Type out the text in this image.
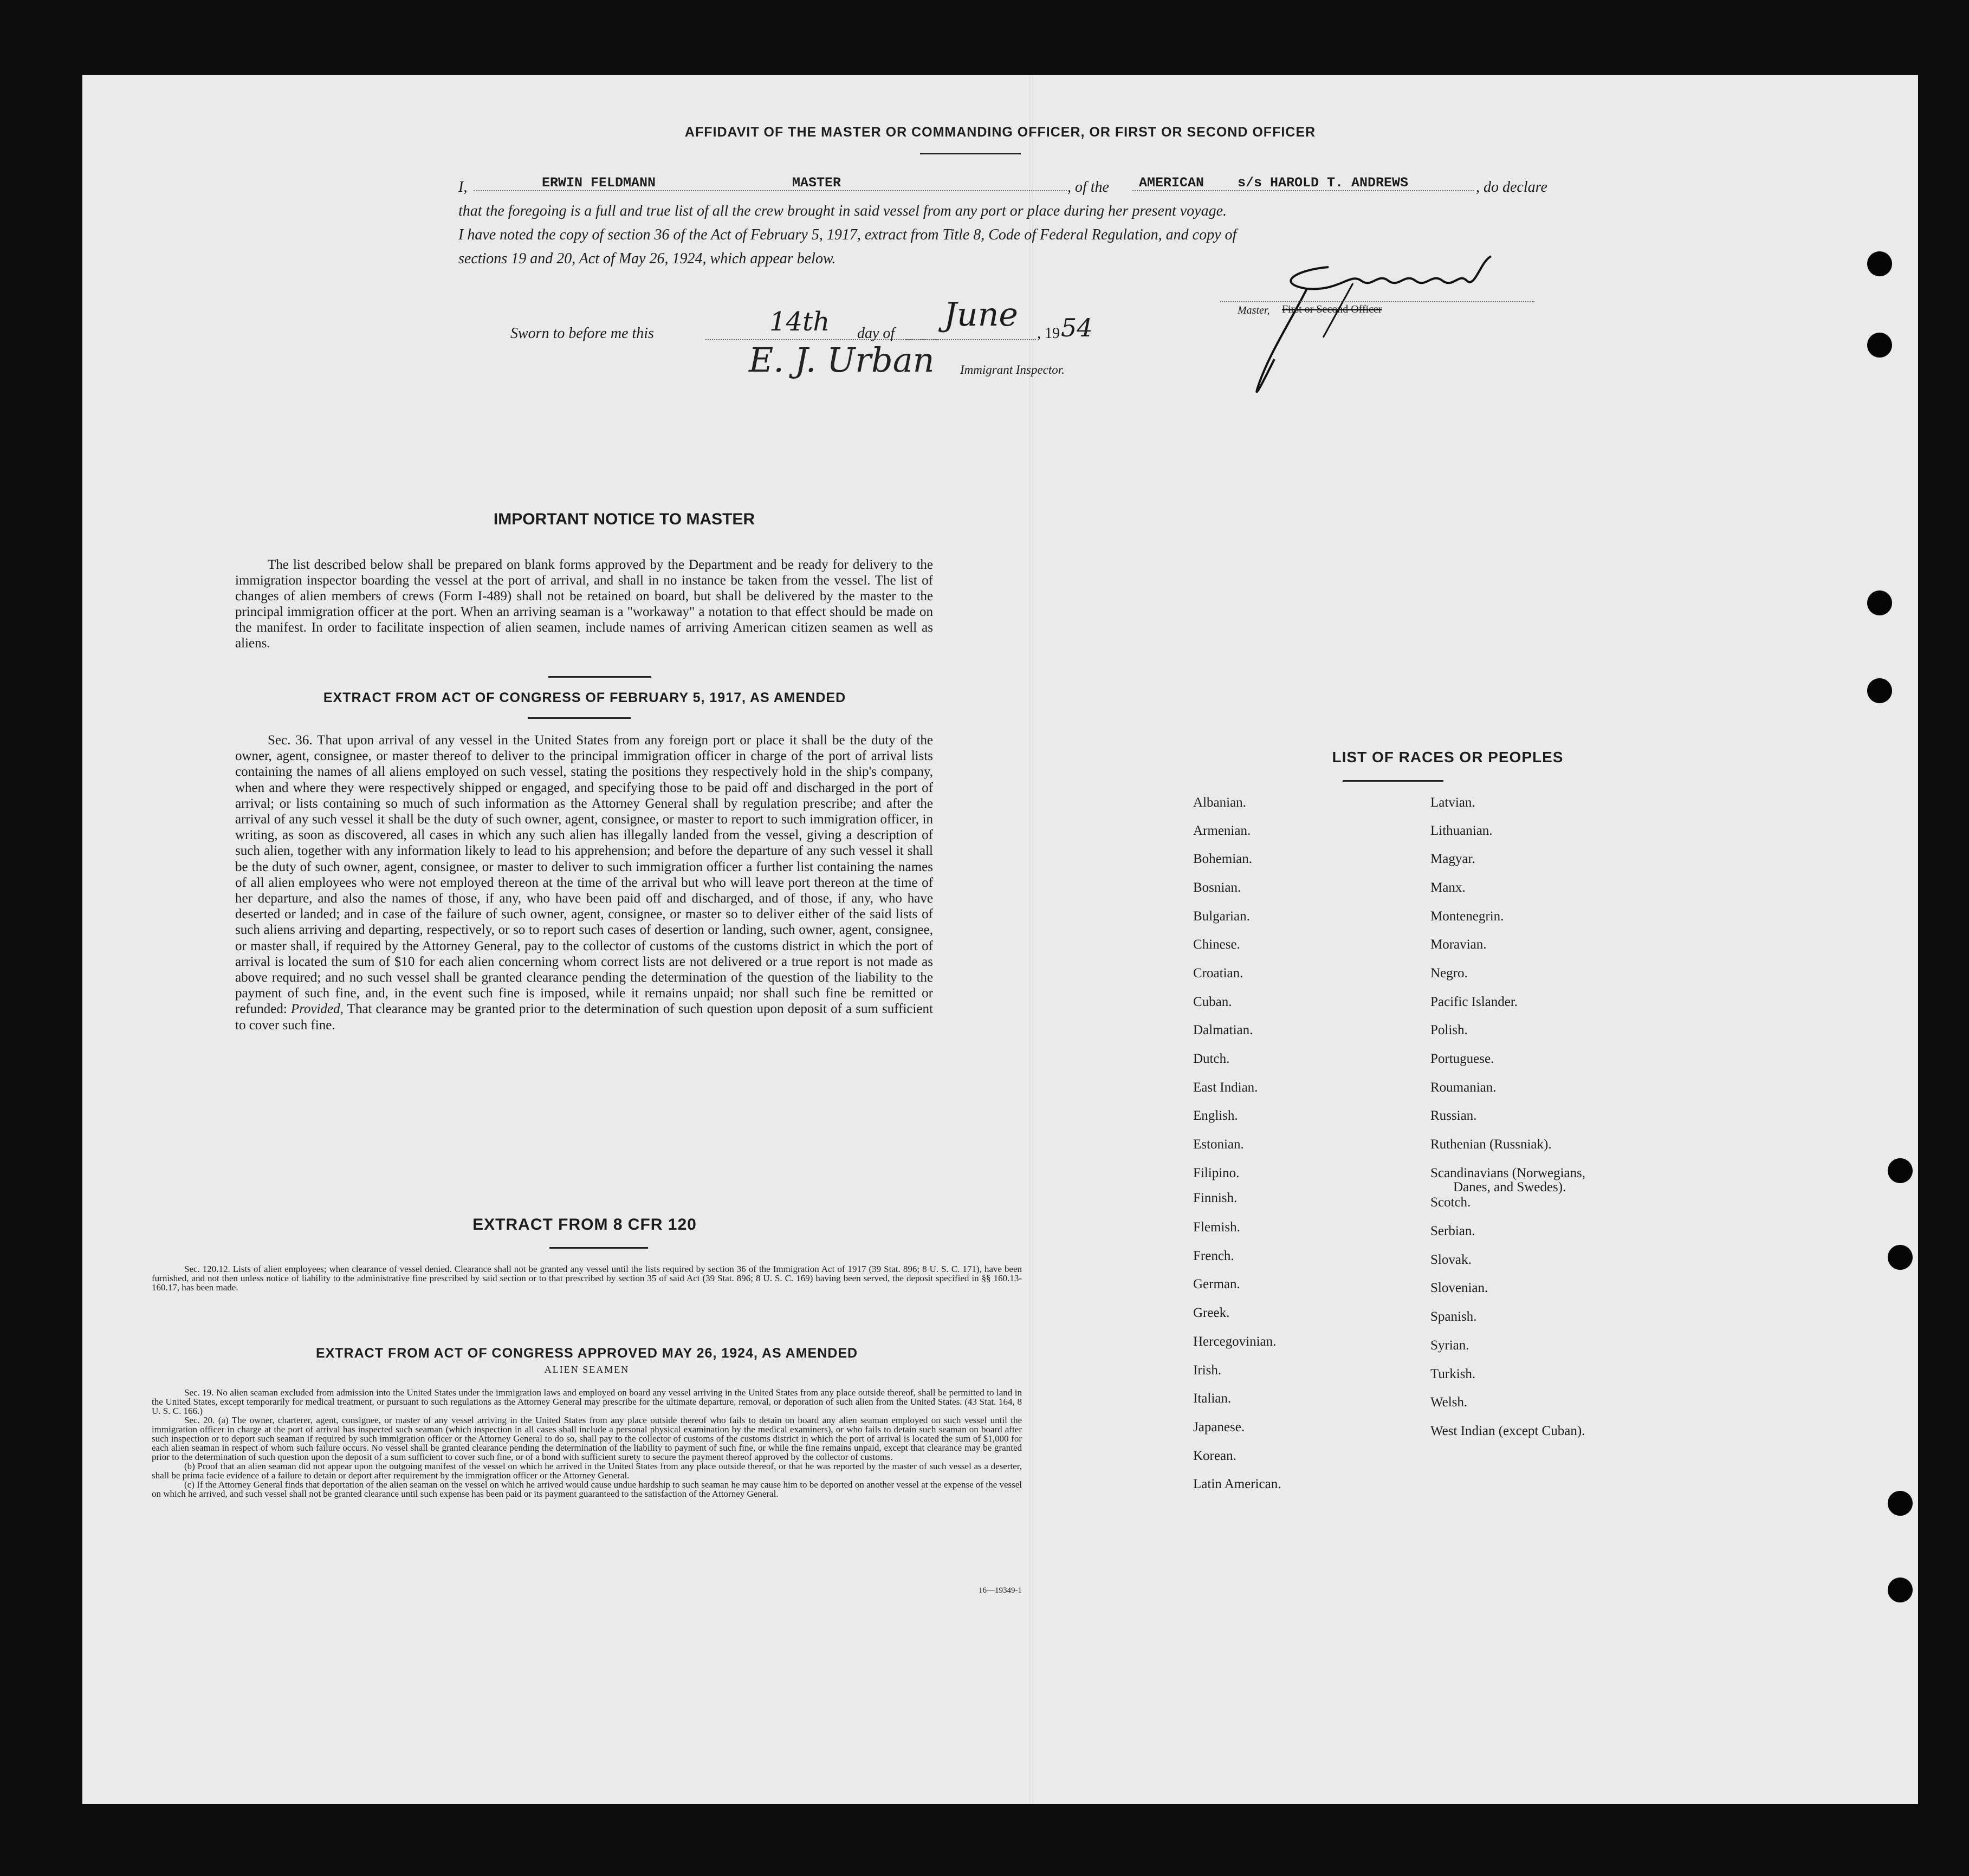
AFFIDAVIT OF THE MASTER OR COMMANDING OFFICER, OR FIRST OR SECOND OFFICER
I,	ERWIN FELDMANN	MASTER	, of the AMERICAN s/s HAROLD T. ANDREWS	, do declare

that the foregoing is a full and true list of all the crew brought in said vessel from any port or place during her present voyage.

I have noted the copy of section 36 of the Act of February 5, 1917, extract from Title 8, Code of Federal Regulation, and copy of

sections 19 and 20, Act of May 26, 1924, which appear below.

Master, First or Second Officer
Sworn to before me this	14th day of June , 19 54
E. J. Urban Immigrant Inspector.
IMPORTANT NOTICE TO MASTER

The list described below shall be prepared on blank forms approved by the Department and be ready for delivery to the immigration inspector boarding the vessel at the port of arrival, and shall in no instance be taken from the vessel. The list of changes of alien members of crews (Form I-489) shall not be retained on board, but shall be delivered by the master to the principal immigration officer at the port. When an arriving seaman is a "workaway" a notation to that effect should be made on the manifest. In order to facilitate inspection of alien seamen, include names of arriving American citizen seamen as well as aliens.

EXTRACT FROM ACT OF CONGRESS OF FEBRUARY 5, 1917, AS AMENDED

Sec. 36. That upon arrival of any vessel in the United States from any foreign port or place it shall be the duty of the owner, agent, consignee, or master thereof to deliver to the principal immigration officer in charge of the port of arrival lists containing the names of all aliens employed on such vessel, stating the positions they respectively hold in the ship's company, when and where they were respectively shipped or engaged, and specifying those to be paid off and discharged in the port of arrival; or lists containing so much of such information as the Attorney General shall by regulation prescribe; and after the arrival of any such vessel it shall be the duty of such owner, agent, consignee, or master to report to such immigration officer, in writing, as soon as discovered, all cases in which any such alien has illegally landed from the vessel, giving a description of such alien, together with any information likely to lead to his apprehension; and before the departure of any such vessel it shall be the duty of such owner, agent, consignee, or master to deliver to such immigration officer a further list containing the names of all alien employees who were not employed thereon at the time of the arrival but who will leave port thereon at the time of her departure, and also the names of those, if any, who have been paid off and discharged, and of those, if any, who have deserted or landed; and in case of the failure of such owner, agent, consignee, or master so to deliver either of the said lists of such aliens arriving and departing, respectively, or so to report such cases of desertion or landing, such owner, agent, consignee, or master shall, if required by the Attorney General, pay to the collector of customs of the customs district in which the port of arrival is located the sum of $10 for each alien concerning whom correct lists are not delivered or a true report is not made as above required; and no such vessel shall be granted clearance pending the determination of the question of the liability to the payment of such fine, and, in the event such fine is imposed, while it remains unpaid; nor shall such fine be remitted or refunded: Provided, That clearance may be granted prior to the determination of such question upon deposit of a sum sufficient to cover such fine.

EXTRACT FROM 8 CFR 120

Sec. 120.12. Lists of alien employees; when clearance of vessel denied. Clearance shall not be granted any vessel until the lists required by section 36 of the Immigration Act of 1917 (39 Stat. 896; 8 U. S. C. 171), have been furnished, and not then unless notice of liability to the administrative fine prescribed by said section or to that prescribed by section 35 of said Act (39 Stat. 896; 8 U. S. C. 169) having been served, the deposit specified in §§ 160.13-160.17, has been made.

EXTRACT FROM ACT OF CONGRESS APPROVED MAY 26, 1924, AS AMENDED
ALIEN SEAMEN

Sec. 19. No alien seaman excluded from admission into the United States under the immigration laws and employed on board any vessel arriving in the United States from any place outside thereof, shall be permitted to land in the United States, except temporarily for medical treatment, or pursuant to such regulations as the Attorney General may prescribe for the ultimate departure, removal, or deporation of such alien from the United States. (43 Stat. 164, 8 U. S. C. 166.)

Sec. 20. (a) The owner, charterer, agent, consignee, or master of any vessel arriving in the United States from any place outside thereof who fails to detain on board any alien seaman employed on such vessel until the immigration officer in charge at the port of arrival has inspected such seaman (which inspection in all cases shall include a personal physical examination by the medical examiners), or who fails to detain such seaman on board after such inspection or to deport such seaman if required by such immigration officer or the Attorney General to do so, shall pay to the collector of customs of the customs district in which the port of arrival is located the sum of $1,000 for each alien seaman in respect of whom such failure occurs. No vessel shall be granted clearance pending the determination of the liability to payment of such fine, or while the fine remains unpaid, except that clearance may be granted prior to the determination of such question upon the deposit of a sum sufficient to cover such fine, or of a bond with sufficient surety to secure the payment thereof approved by the collector of customs.

(b) Proof that an alien seaman did not appear upon the outgoing manifest of the vessel on which he arrived in the United States from any place outside thereof, or that he was reported by the master of such vessel as a deserter, shall be prima facie evidence of a failure to detain or deport after requirement by the immigration officer or the Attorney General.

(c) If the Attorney General finds that deportation of the alien seaman on the vessel on which he arrived would cause undue hardship to such seaman he may cause him to be deported on another vessel at the expense of the vessel on which he arrived, and such vessel shall not be granted clearance until such expense has been paid or its payment guaranteed to the satisfaction of the Attorney General.

16—19349-1
LIST OF RACES OR PEOPLES
Albanian.
Armenian.
Bohemian.
Bosnian.
Bulgarian.
Chinese.
Croatian.
Cuban.
Dalmatian.
Dutch.
East Indian.
English.
Estonian.
Filipino.
Finnish.
Flemish.
French.
German.
Greek.
Hercegovinian.
Irish.
Italian.
Japanese.
Korean.
Latin American.
Latvian.
Lithuanian.
Magyar.
Manx.
Montenegrin.
Moravian.
Negro.
Pacific Islander.
Polish.
Portuguese.
Roumanian.
Russian.
Ruthenian (Russniak).
Scandinavians (Norwegians,
Scotch.
Serbian.
Slovak.
Slovenian.
Spanish.
Syrian.
Turkish.
Welsh.
West Indian (except Cuban).
Danes, and Swedes).
